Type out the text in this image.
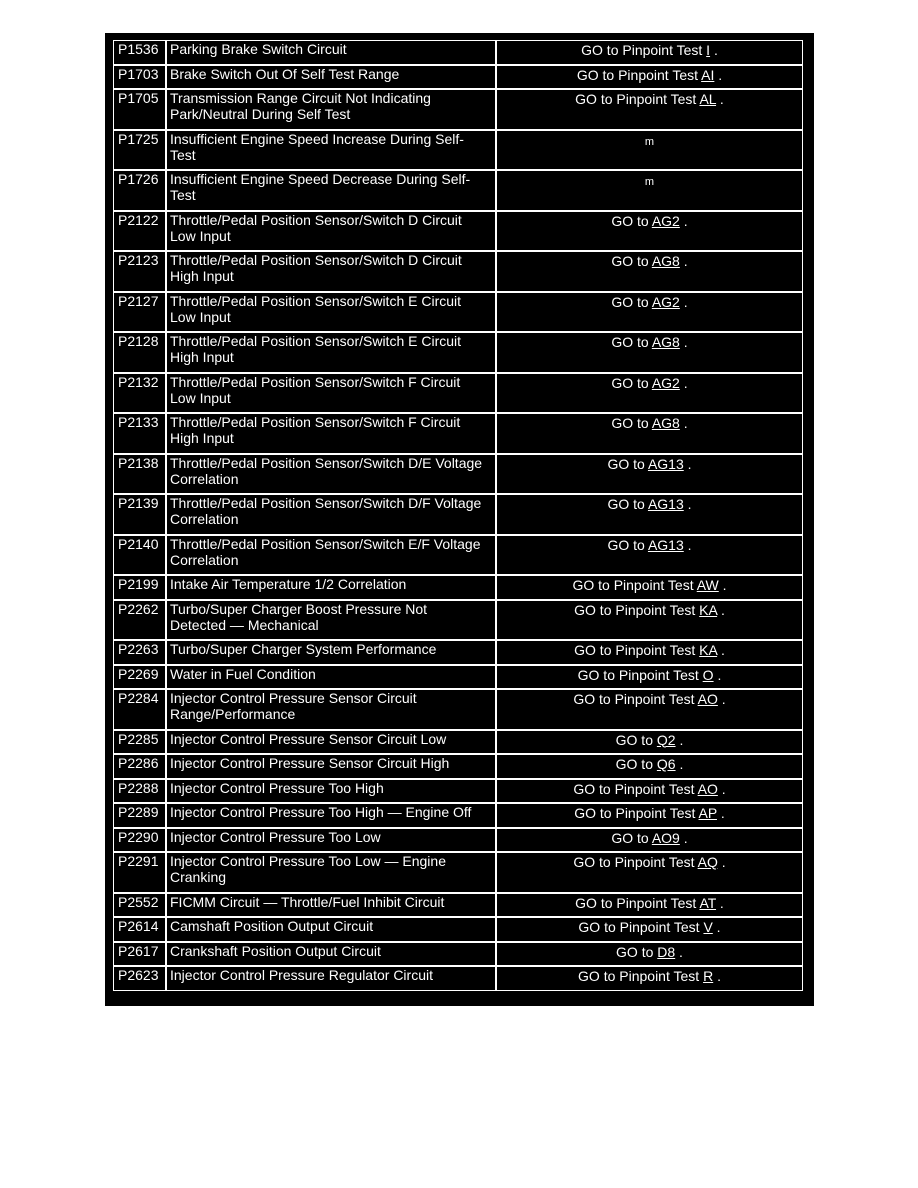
P1536	Parking Brake Switch Circuit	GO to Pinpoint Test I .
P1703	Brake Switch Out Of Self Test Range	GO to Pinpoint Test AI .
P1705	Transmission Range Circuit Not Indicating
Park/Neutral During Self Test	GO to Pinpoint Test AL .
P1725	Insufficient Engine Speed Increase During Self-
Test	m
P1726	Insufficient Engine Speed Decrease During Self-
Test	m
P2122	Throttle/Pedal Position Sensor/Switch D Circuit
Low Input	GO to AG2 .
P2123	Throttle/Pedal Position Sensor/Switch D Circuit
High Input	GO to AG8 .
P2127	Throttle/Pedal Position Sensor/Switch E Circuit
Low Input	GO to AG2 .
P2128	Throttle/Pedal Position Sensor/Switch E Circuit
High Input	GO to AG8 .
P2132	Throttle/Pedal Position Sensor/Switch F Circuit
Low Input	GO to AG2 .
P2133	Throttle/Pedal Position Sensor/Switch F Circuit
High Input	GO to AG8 .
P2138	Throttle/Pedal Position Sensor/Switch D/E Voltage
Correlation	GO to AG13 .
P2139	Throttle/Pedal Position Sensor/Switch D/F Voltage
Correlation	GO to AG13 .
P2140	Throttle/Pedal Position Sensor/Switch E/F Voltage
Correlation	GO to AG13 .
P2199	Intake Air Temperature 1/2 Correlation	GO to Pinpoint Test AW .
P2262	Turbo/Super Charger Boost Pressure Not
Detected — Mechanical	GO to Pinpoint Test KA .
P2263	Turbo/Super Charger System Performance	GO to Pinpoint Test KA .
P2269	Water in Fuel Condition	GO to Pinpoint Test O .
P2284	Injector Control Pressure Sensor Circuit
Range/Performance	GO to Pinpoint Test AO .
P2285	Injector Control Pressure Sensor Circuit Low	GO to Q2 .
P2286	Injector Control Pressure Sensor Circuit High	GO to Q6 .
P2288	Injector Control Pressure Too High	GO to Pinpoint Test AO .
P2289	Injector Control Pressure Too High — Engine Off	GO to Pinpoint Test AP .
P2290	Injector Control Pressure Too Low	GO to AO9 .
P2291	Injector Control Pressure Too Low — Engine
Cranking	GO to Pinpoint Test AQ .
P2552	FICMM Circuit — Throttle/Fuel Inhibit Circuit	GO to Pinpoint Test AT .
P2614	Camshaft Position Output Circuit	GO to Pinpoint Test V .
P2617	Crankshaft Position Output Circuit	GO to D8 .
P2623	Injector Control Pressure Regulator Circuit	GO to Pinpoint Test R .
